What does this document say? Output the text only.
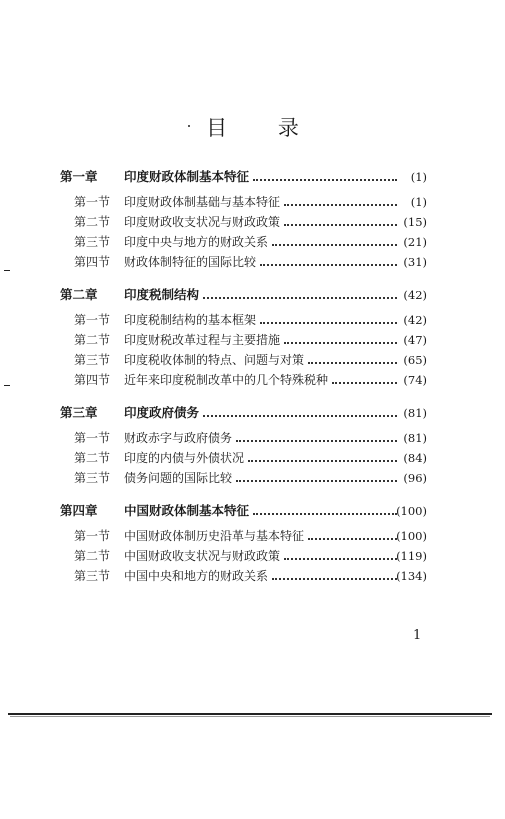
目 录
第一章 印度财政体制基本特征	(1)
第一节 印度财政体制基础与基本特征	(1)
第二节 印度财政收支状况与财政政策	(15)
第三节 印度中央与地方的财政关系	(21)
第四节 财政体制特征的国际比较	(31)
第二章 印度税制结构	(42)
第一节 印度税制结构的基本框架	(42)
第二节 印度财税改革过程与主要措施	(47)
第三节 印度税收体制的特点、问题与对策	(65)
第四节 近年来印度税制改革中的几个特殊税种	(74)
第三章 印度政府债务	(81)
第一节 财政赤字与政府债务	(81)
第二节 印度的内债与外债状况	(84)
第三节 债务问题的国际比较	(96)
第四章 中国财政体制基本特征	(100)
第一节 中国财政体制历史沿革与基本特征	(100)
第二节 中国财政收支状况与财政政策	(119)
第三节 中国中央和地方的财政关系	(134)
1
